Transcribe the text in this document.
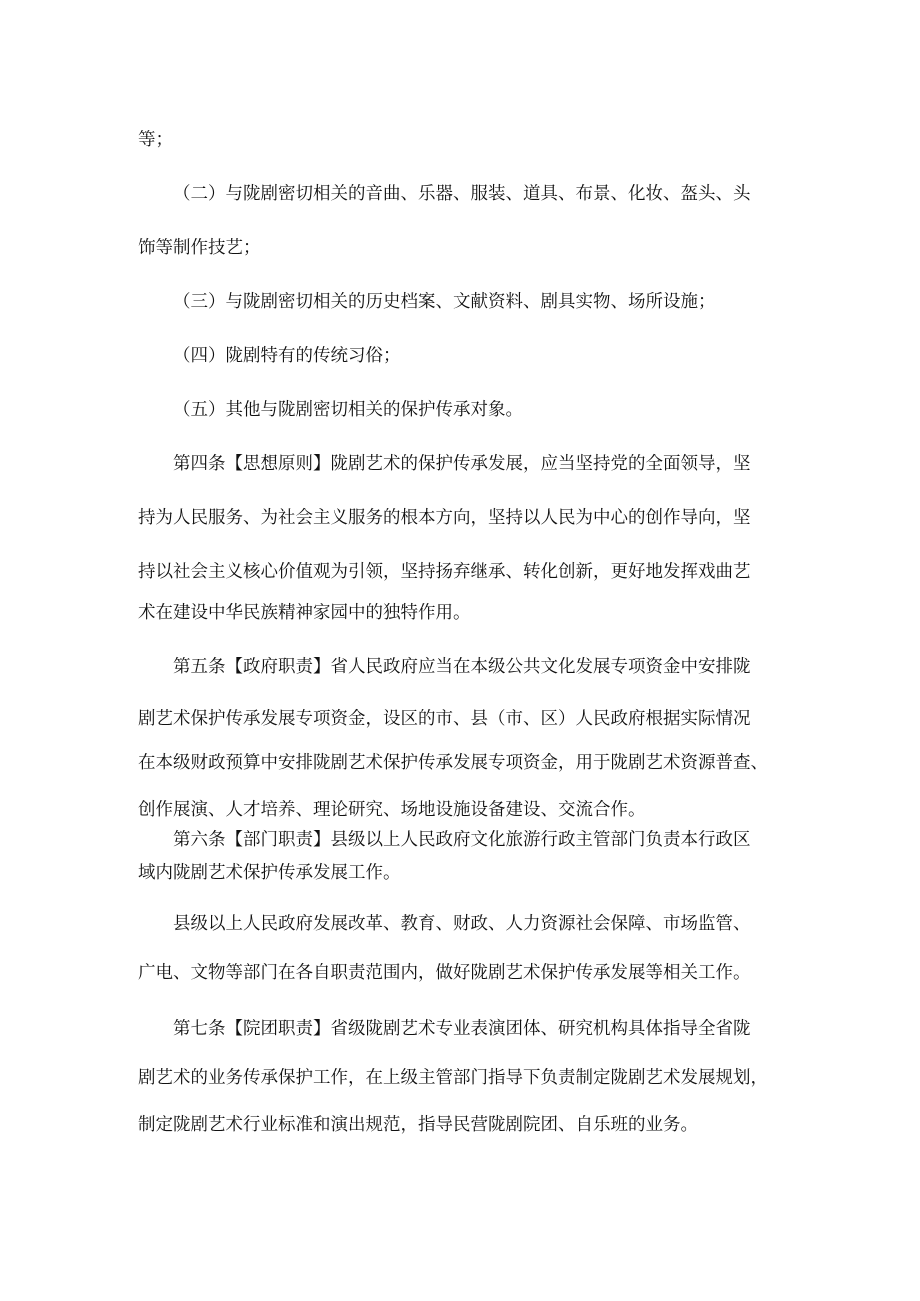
等；
（二）与陇剧密切相关的音曲、乐器、服装、道具、布景、化妆、盔头、头
饰等制作技艺；
（三）与陇剧密切相关的历史档案、文献资料、剧具实物、场所设施；
（四）陇剧特有的传统习俗；
（五）其他与陇剧密切相关的保护传承对象。
第四条【思想原则】陇剧艺术的保护传承发展，应当坚持党的全面领导，坚
持为人民服务、为社会主义服务的根本方向，坚持以人民为中心的创作导向，坚
持以社会主义核心价值观为引领，坚持扬弃继承、转化创新，更好地发挥戏曲艺
术在建设中华民族精神家园中的独特作用。
第五条【政府职责】省人民政府应当在本级公共文化发展专项资金中安排陇
剧艺术保护传承发展专项资金，设区的市、县（市、区）人民政府根据实际情况
在本级财政预算中安排陇剧艺术保护传承发展专项资金，用于陇剧艺术资源普查、
创作展演、人才培养、理论研究、场地设施设备建设、交流合作。
第六条【部门职责】县级以上人民政府文化旅游行政主管部门负责本行政区
域内陇剧艺术保护传承发展工作。
县级以上人民政府发展改革、教育、财政、人力资源社会保障、市场监管、
广电、文物等部门在各自职责范围内，做好陇剧艺术保护传承发展等相关工作。
第七条【院团职责】省级陇剧艺术专业表演团体、研究机构具体指导全省陇
剧艺术的业务传承保护工作，在上级主管部门指导下负责制定陇剧艺术发展规划，
制定陇剧艺术行业标准和演出规范，指导民营陇剧院团、自乐班的业务。
